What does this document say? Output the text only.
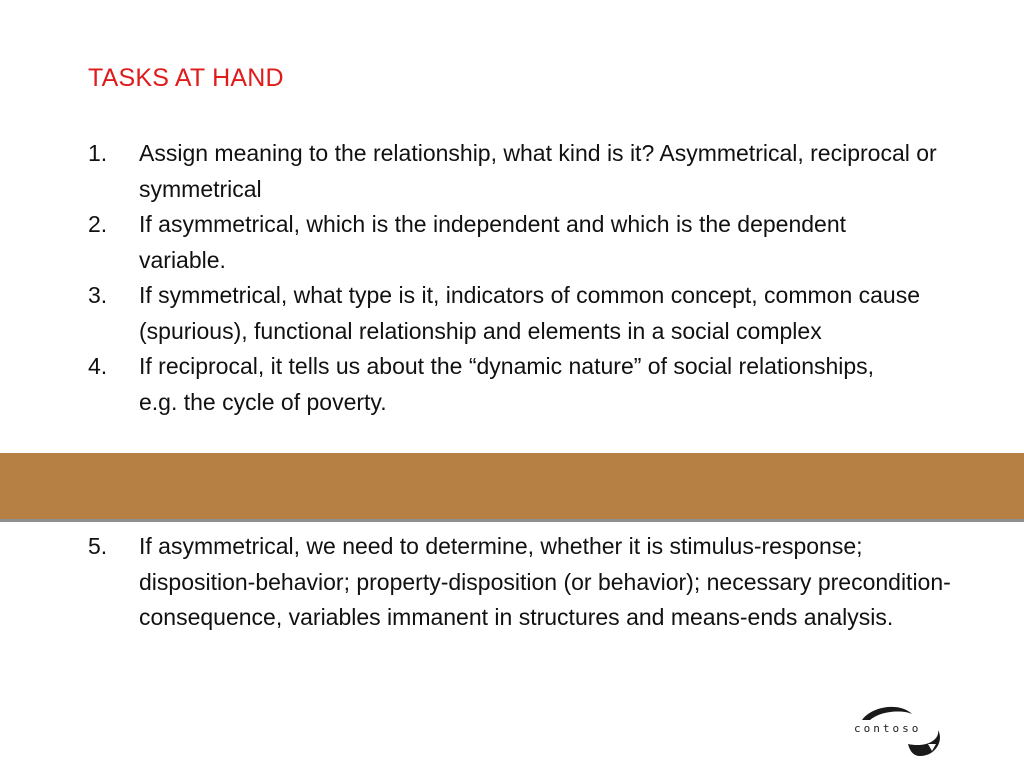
TASKS AT HAND
1.	Assign meaning to the relationship, what kind is it? Asymmetrical, reciprocal or symmetrical
2.	If asymmetrical, which is the independent and which is the dependent variable.
3.	If symmetrical, what type is it, indicators of common concept, common cause (spurious), functional relationship and elements in a social complex
4.	If reciprocal, it tells us about the “dynamic nature” of social relationships, e.g. the cycle of poverty.
5.	If asymmetrical, we need to determine, whether it is stimulus-response; disposition-behavior; property-disposition (or behavior); necessary precondition- consequence, variables immanent in structures and means-ends analysis.
contoso
